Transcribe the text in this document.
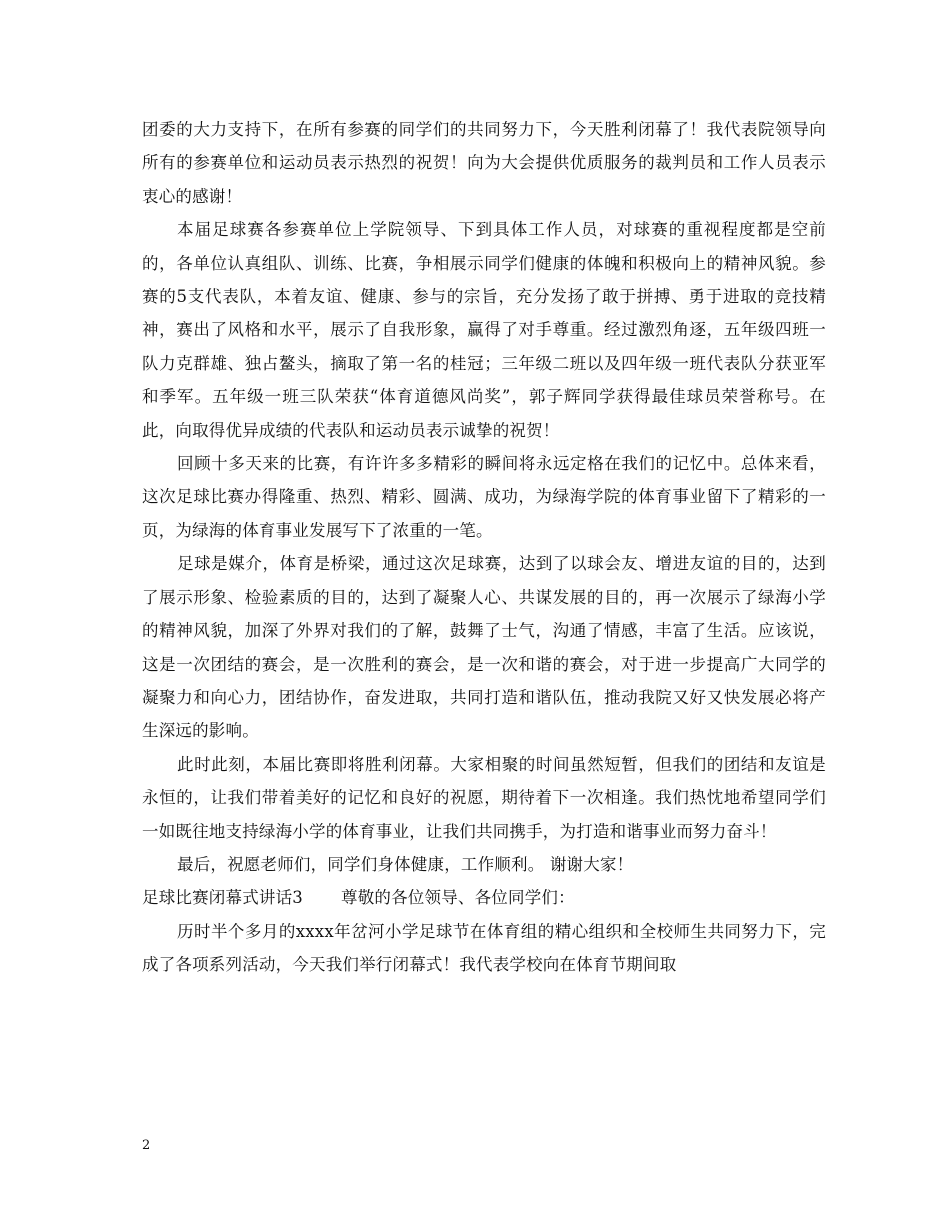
团委的大力支持下，在所有参赛的同学们的共同努力下，今天胜利闭幕了！我代表院领导向所有的参赛单位和运动员表示热烈的祝贺！向为大会提供优质服务的裁判员和工作人员表示衷心的感谢！

本届足球赛各参赛单位上学院领导、下到具体工作人员，对球赛的重视程度都是空前的，各单位认真组队、训练、比赛，争相展示同学们健康的体魄和积极向上的精神风貌。参赛的5支代表队，本着友谊、健康、参与的宗旨，充分发扬了敢于拼搏、勇于进取的竞技精神，赛出了风格和水平，展示了自我形象，赢得了对手尊重。经过激烈角逐，五年级四班一队力克群雄、独占鳌头，摘取了第一名的桂冠；三年级二班以及四年级一班代表队分获亚军和季军。五年级一班三队荣获“体育道德风尚奖”，郭子辉同学获得最佳球员荣誉称号。在此，向取得优异成绩的代表队和运动员表示诚挚的祝贺！

回顾十多天来的比赛，有许许多多精彩的瞬间将永远定格在我们的记忆中。总体来看，这次足球比赛办得隆重、热烈、精彩、圆满、成功，为绿海学院的体育事业留下了精彩的一页，为绿海的体育事业发展写下了浓重的一笔。

足球是媒介，体育是桥梁，通过这次足球赛，达到了以球会友、增进友谊的目的，达到了展示形象、检验素质的目的，达到了凝聚人心、共谋发展的目的，再一次展示了绿海小学的精神风貌，加深了外界对我们的了解，鼓舞了士气，沟通了情感，丰富了生活。应该说，这是一次团结的赛会，是一次胜利的赛会，是一次和谐的赛会，对于进一步提高广大同学的凝聚力和向心力，团结协作，奋发进取，共同打造和谐队伍，推动我院又好又快发展必将产生深远的影响。

此时此刻，本届比赛即将胜利闭幕。大家相聚的时间虽然短暂，但我们的团结和友谊是永恒的，让我们带着美好的记忆和良好的祝愿，期待着下一次相逢。我们热忱地希望同学们一如既往地支持绿海小学的体育事业，让我们共同携手，为打造和谐事业而努力奋斗！

最后，祝愿老师们，同学们身体健康，工作顺利。 谢谢大家！

足球比赛闭幕式讲话3 尊敬的各位领导、各位同学们：

历时半个多月的xxxx年岔河小学足球节在体育组的精心组织和全校师生共同努力下，完成了各项系列活动，今天我们举行闭幕式！我代表学校向在体育节期间取

2
